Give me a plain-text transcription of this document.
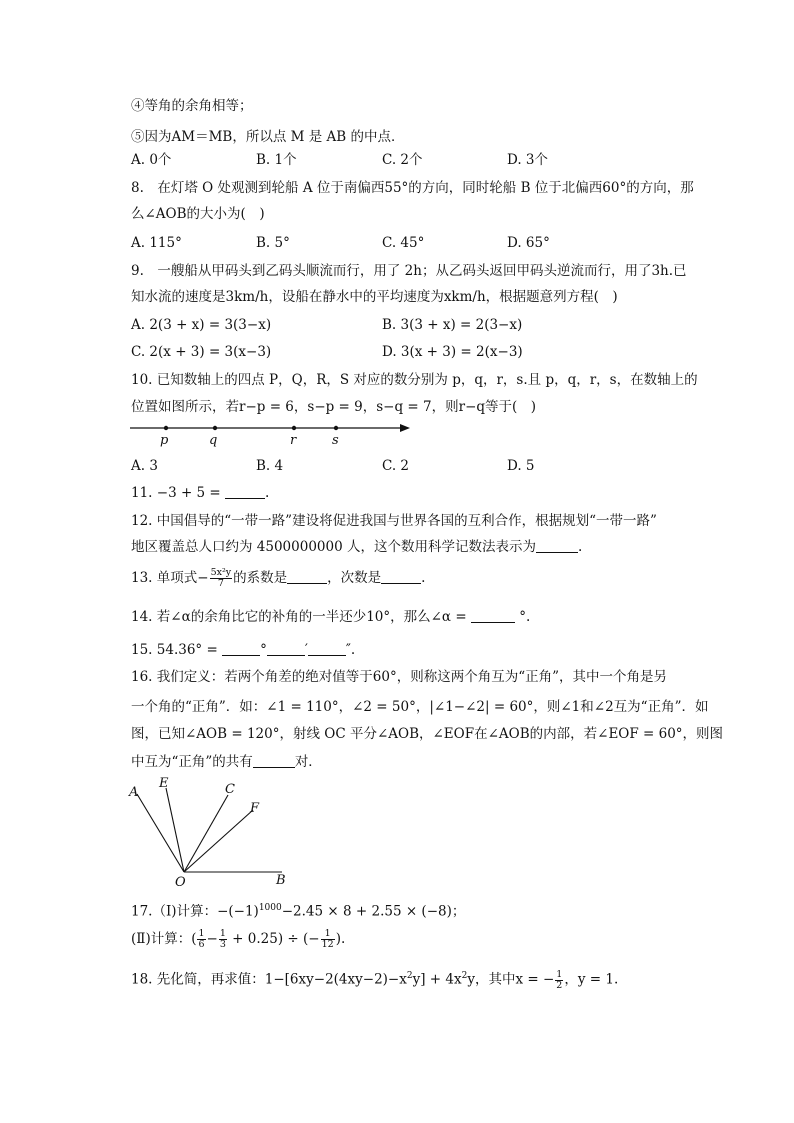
④等角的余角相等；
⑤因为AM＝MB，所以点 M 是 AB 的中点．
A. 0个	B. 1个	C. 2个	D. 3个
8.　在灯塔 O 处观测到轮船 A 位于南偏西55°的方向，同时轮船 B 位于北偏西60°的方向，那
么∠AOB的大小为(　)
A. 115°	B. 5°	C. 45°	D. 65°
9.　一艘船从甲码头到乙码头顺流而行，用了 2h；从乙码头返回甲码头逆流而行，用了3h.已
知水流的速度是3km/h，设船在静水中的平均速度为xkm/h，根据题意列方程(　)
A. 2(3 + x) = 3(3−x)	B. 3(3 + x) = 2(3−x)
C. 2(x + 3) = 3(x−3)	D. 3(x + 3) = 2(x−3)
10. 已知数轴上的四点 P，Q，R，S 对应的数分别为 p，q，r，s.且 p，q，r，s，在数轴上的
位置如图所示，若r−p = 6，s−p = 9，s−q = 7，则r−q等于(　)
p	q	r	s
A. 3	B. 4	C. 2	D. 5
11. −3 + 5 =	.
12. 中国倡导的“一带一路”建设将促进我国与世界各国的互利合作，根据规划“一带一路”
地区覆盖总人口约为 4500000000 人，这个数用科学记数法表示为	.
13. 单项式− $\frac{\text{5x²y}}{7}$ 的系数是	，次数是	.
14. 若∠α的余角比它的补角的一半还少10°，那么∠α =	°.
15. 54.36° =	°	′	″.
16. 我们定义：若两个角差的绝对值等于60°，则称这两个角互为“正角”，其中一个角是另
一个角的“正角”．如：∠1 = 110°，∠2 = 50°，|∠1−∠2| = 60°，则∠1和∠2互为“正角”．如
图，已知∠AOB = 120°，射线 OC 平分∠AOB，∠EOF在∠AOB的内部，若∠EOF = 60°，则图
中互为“正角”的共有	对．
A
E	C
F
O	B
17.（Ⅰ)计算：$-(-1)^{1000}-2.45 \times 8 + 2.55 \times (-8)$；
(Ⅱ)计算：( $\frac{1}{6} - \frac{1}{3} + 0.25$) ÷ (− $\frac{1}{12}$ ).
18. 先化简，再求值：$1-[6xy-2(4xy-2)-x^2y] + 4x^2y$，其中x = − $\frac{1}{2}$ ，y = 1.
